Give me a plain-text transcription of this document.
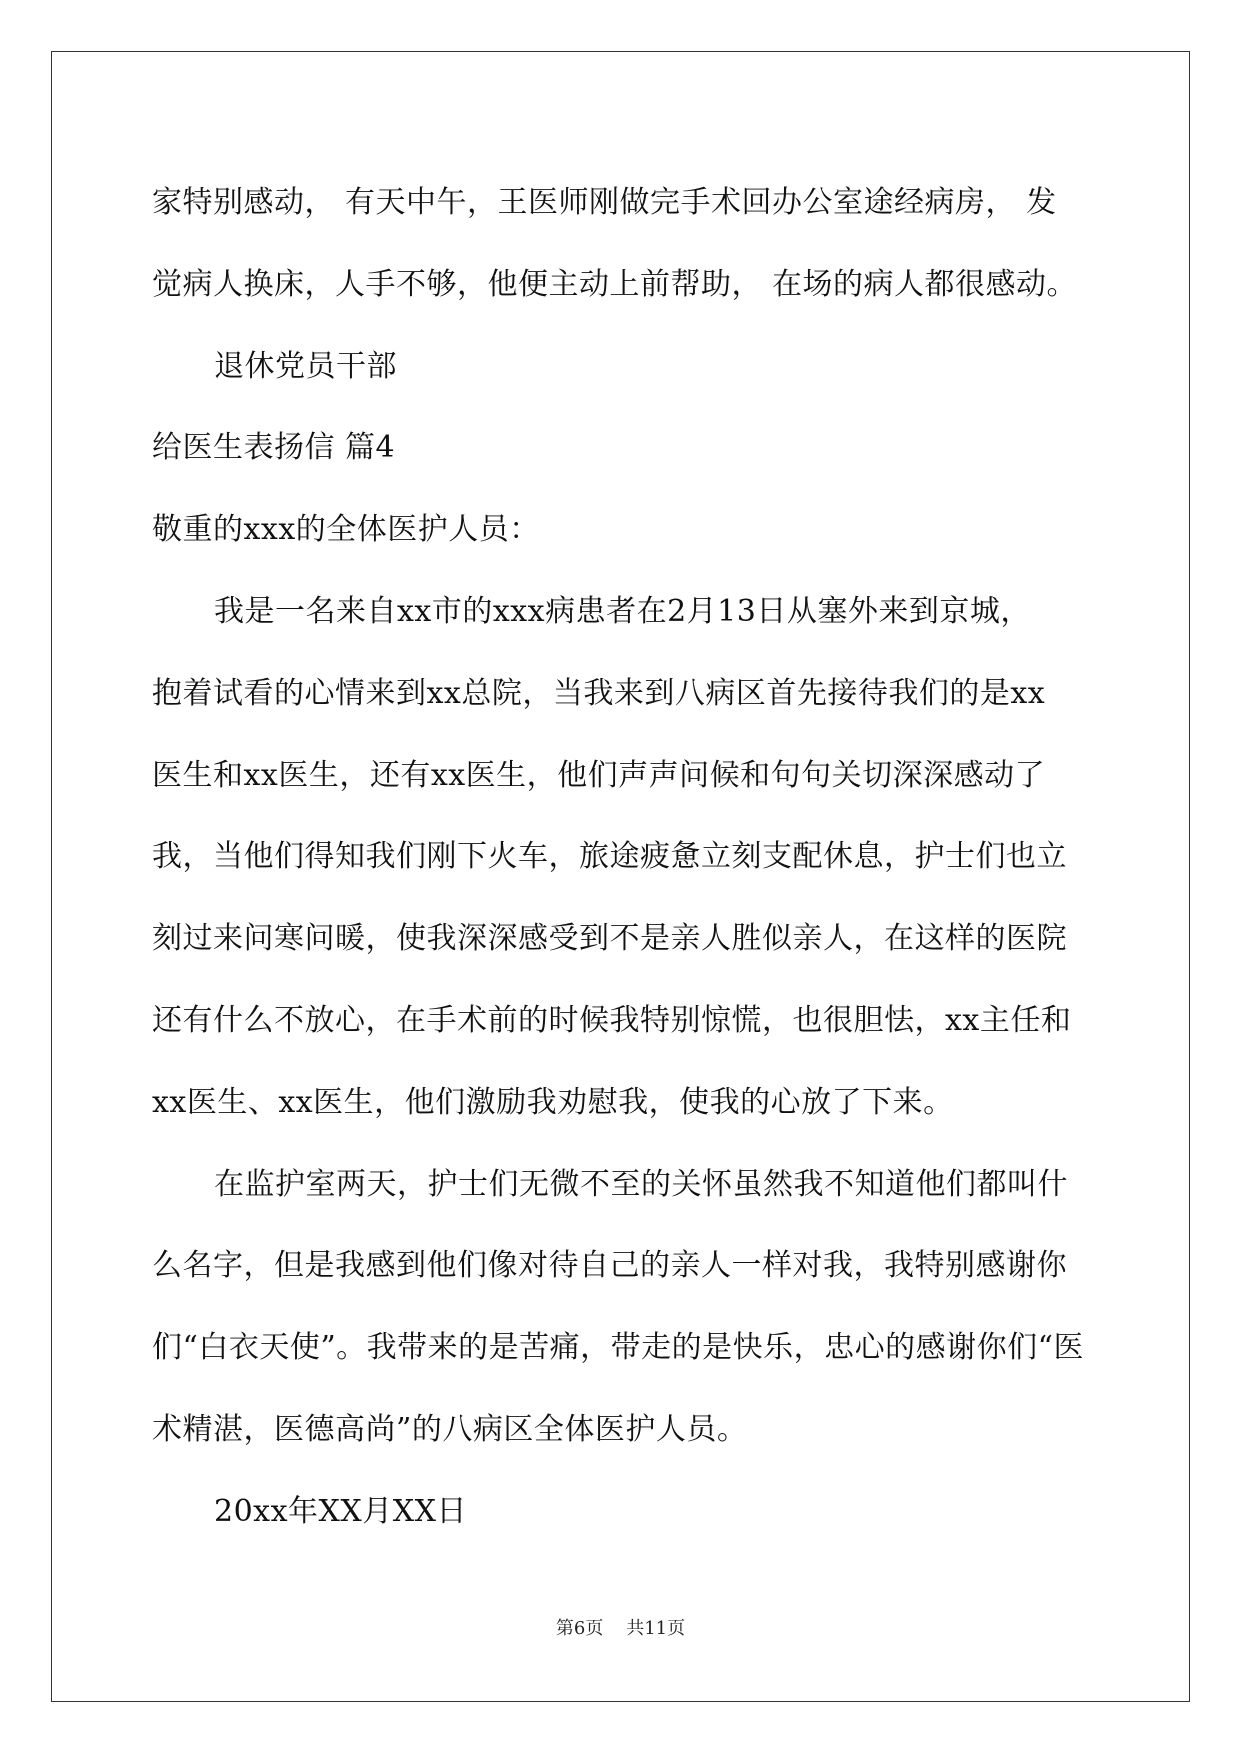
家特别感动， 有天中午，王医师刚做完手术回办公室途经病房， 发
觉病人换床，人手不够，他便主动上前帮助， 在场的病人都很感动。
退休党员干部
给医生表扬信 篇4
敬重的xxx的全体医护人员：
我是一名来自xx市的xxx病患者在2月13日从塞外来到京城，
抱着试看的心情来到xx总院，当我来到八病区首先接待我们的是xx
医生和xx医生，还有xx医生，他们声声问候和句句关切深深感动了
我，当他们得知我们刚下火车，旅途疲惫立刻支配休息，护士们也立
刻过来问寒问暖，使我深深感受到不是亲人胜似亲人，在这样的医院
还有什么不放心，在手术前的时候我特别惊慌，也很胆怯，xx主任和
xx医生、xx医生，他们激励我劝慰我，使我的心放了下来。
在监护室两天，护士们无微不至的关怀虽然我不知道他们都叫什
么名字，但是我感到他们像对待自己的亲人一样对我，我特别感谢你
们“白衣天使”。我带来的是苦痛，带走的是快乐，忠心的感谢你们“医
术精湛，医德高尚”的八病区全体医护人员。
20xx年XX月XX日
第6页 共11页
